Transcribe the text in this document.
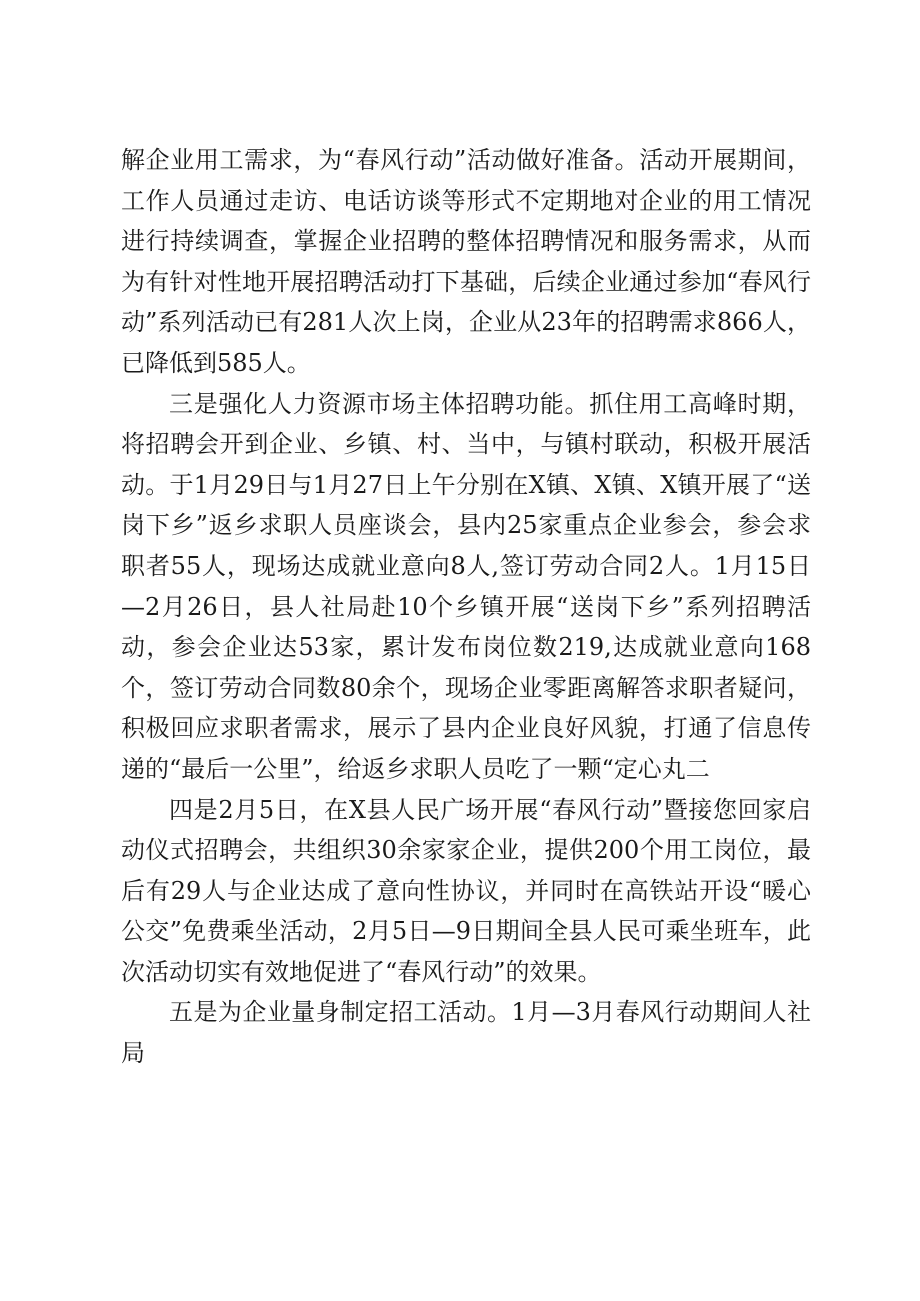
解企业用工需求，为“春风行动”活动做好准备。活动开展期间，工作人员通过走访、电话访谈等形式不定期地对企业的用工情况进行持续调查，掌握企业招聘的整体招聘情况和服务需求，从而为有针对性地开展招聘活动打下基础，后续企业通过参加“春风行动”系列活动已有281人次上岗，企业从23年的招聘需求866人，已降低到585人。

三是强化人力资源市场主体招聘功能。抓住用工高峰时期，将招聘会开到企业、乡镇、村、当中，与镇村联动，积极开展活动。于1月29日与1月27日上午分别在X镇、X镇、X镇开展了“送岗下乡”返乡求职人员座谈会，县内25家重点企业参会，参会求职者55人，现场达成就业意向8人,签订劳动合同2人。1月15日—2月26日，县人社局赴10个乡镇开展“送岗下乡”系列招聘活动，参会企业达53家，累计发布岗位数219,达成就业意向168个，签订劳动合同数80余个，现场企业零距离解答求职者疑问，积极回应求职者需求，展示了县内企业良好风貌，打通了信息传递的“最后一公里”，给返乡求职人员吃了一颗“定心丸二

四是2月5日，在X县人民广场开展“春风行动”暨接您回家启动仪式招聘会，共组织30余家家企业，提供200个用工岗位，最后有29人与企业达成了意向性协议，并同时在高铁站开设“暖心公交”免费乘坐活动，2月5日—9日期间全县人民可乘坐班车，此次活动切实有效地促进了“春风行动”的效果。

五是为企业量身制定招工活动。1月—3月春风行动期间人社局
